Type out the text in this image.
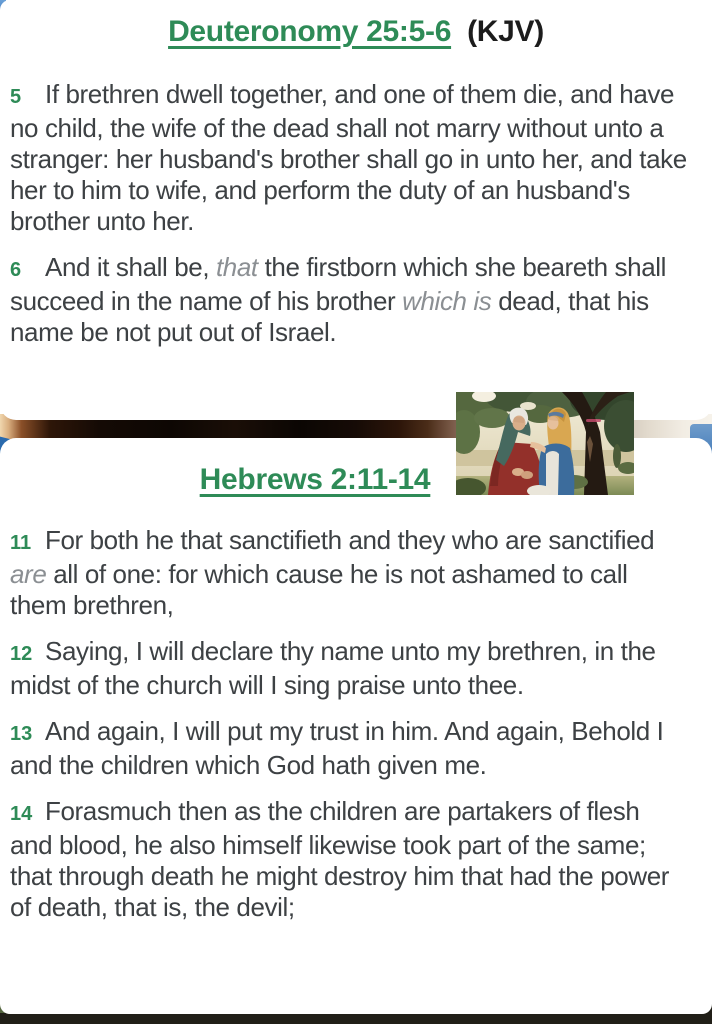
Deuteronomy 25:5-6 (KJV)

5 If brethren dwell together, and one of them die, and have no child, the wife of the dead shall not marry without unto a stranger: her husband's brother shall go in unto her, and take her to him to wife, and perform the duty of an husband's brother unto her.

6 And it shall be, that the firstborn which she beareth shall succeed in the name of his brother which is dead, that his name be not put out of Israel.

Hebrews 2:11-14

11 For both he that sanctifieth and they who are sanctified are all of one: for which cause he is not ashamed to call them brethren,

12 Saying, I will declare thy name unto my brethren, in the midst of the church will I sing praise unto thee.

13 And again, I will put my trust in him. And again, Behold I and the children which God hath given me.

14 Forasmuch then as the children are partakers of flesh and blood, he also himself likewise took part of the same; that through death he might destroy him that had the power of death, that is, the devil;
